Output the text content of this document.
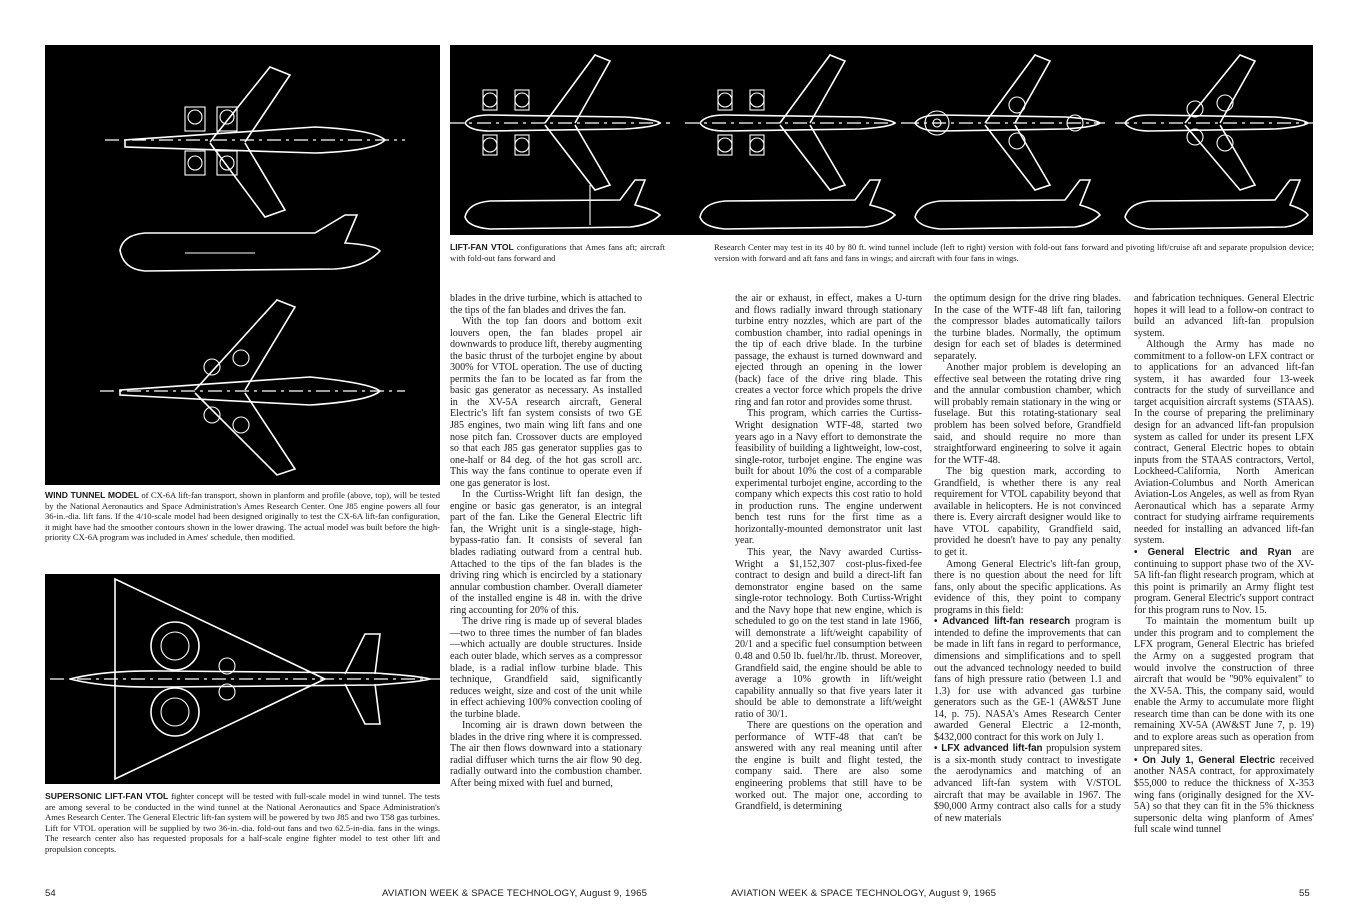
WIND TUNNEL MODEL of CX-6A lift-fan transport, shown in planform and profile (above, top), will be tested by the National Aeronautics and Space Administration's Ames Research Center. One J85 engine powers all four 36-in.-dia. lift fans. If the 4/10-scale model had been designed originally to test the CX-6A lift-fan configuration, it might have had the smoother contours shown in the lower drawing. The actual model was built before the high-priority CX-6A program was included in Ames' schedule, then modified.
SUPERSONIC LIFT-FAN VTOL fighter concept will be tested with full-scale model in wind tunnel. The tests are among several to be conducted in the wind tunnel at the National Aeronautics and Space Administration's Ames Research Center. The General Electric lift-fan system will be powered by two J85 and two T58 gas turbines. Lift for VTOL operation will be supplied by two 36-in.-dia. fold-out fans and two 62.5-in-dia. fans in the wings. The research center also has requested proposals for a half-scale engine fighter model to test other lift and propulsion concepts.
LIFT-FAN VTOL configurations that Ames fans aft; aircraft with fold-out fans forward and
Research Center may test in its 40 by 80 ft. wind tunnel include (left to right) version with fold-out fans forward and pivoting lift/cruise aft and separate propulsion device; version with forward and aft fans and fans in wings; and aircraft with four fans in wings.

blades in the drive turbine, which is attached to the tips of the fan blades and drives the fan.

With the top fan doors and bottom exit louvers open, the fan blades propel air downwards to produce lift, thereby augmenting the basic thrust of the turbojet engine by about 300% for VTOL operation. The use of ducting permits the fan to be located as far from the basic gas generator as necessary. As installed in the XV-5A research aircraft, General Electric's lift fan system consists of two GE J85 engines, two main wing lift fans and one nose pitch fan. Crossover ducts are employed so that each J85 gas generator supplies gas to one-half or 84 deg. of the hot gas scroll arc. This way the fans continue to operate even if one gas generator is lost.

In the Curtiss-Wright lift fan design, the engine or basic gas generator, is an integral part of the fan. Like the General Electric lift fan, the Wright unit is a single-stage, high-bypass-ratio fan. It consists of several fan blades radiating outward from a central hub. Attached to the tips of the fan blades is the driving ring which is encircled by a stationary annular combustion chamber. Overall diameter of the installed engine is 48 in. with the drive ring accounting for 20% of this.

The drive ring is made up of several blades—two to three times the number of fan blades—which actually are double structures. Inside each outer blade, which serves as a compressor blade, is a radial inflow turbine blade. This technique, Grandfield said, significantly reduces weight, size and cost of the unit while in effect achieving 100% convection cooling of the turbine blade.

Incoming air is drawn down between the blades in the drive ring where it is compressed. The air then flows downward into a stationary radial diffuser which turns the air flow 90 deg. radially outward into the combustion chamber. After being mixed with fuel and burned,

the air or exhaust, in effect, makes a U-turn and flows radially inward through stationary turbine entry nozzles, which are part of the combustion chamber, into radial openings in the tip of each drive blade. In the turbine passage, the exhaust is turned downward and ejected through an opening in the lower (back) face of the drive ring blade. This creates a vector force which propels the drive ring and fan rotor and provides some thrust.

This program, which carries the Curtiss-Wright designation WTF-48, started two years ago in a Navy effort to demonstrate the feasibility of building a lightweight, low-cost, single-rotor, turbojet engine. The engine was built for about 10% the cost of a comparable experimental turbojet engine, according to the company which expects this cost ratio to hold in production runs. The engine underwent bench test runs for the first time as a horizontally-mounted demonstrator unit last year.

This year, the Navy awarded Curtiss-Wright a $1,152,307 cost-plus-fixed-fee contract to design and build a direct-lift fan demonstrator engine based on the same single-rotor technology. Both Curtiss-Wright and the Navy hope that new engine, which is scheduled to go on the test stand in late 1966, will demonstrate a lift/weight capability of 20/1 and a specific fuel consumption between 0.48 and 0.50 lb. fuel/hr./lb. thrust. Moreover, Grandfield said, the engine should be able to average a 10% growth in lift/weight capability annually so that five years later it should be able to demonstrate a lift/weight ratio of 30/1.

There are questions on the operation and performance of WTF-48 that can't be answered with any real meaning until after the engine is built and flight tested, the company said. There are also some engineering problems that still have to be worked out. The major one, according to Grandfield, is determining

the optimum design for the drive ring blades. In the case of the WTF-48 lift fan, tailoring the compressor blades automatically tailors the turbine blades. Normally, the optimum design for each set of blades is determined separately.

Another major problem is developing an effective seal between the rotating drive ring and the annular combustion chamber, which will probably remain stationary in the wing or fuselage. But this rotating-stationary seal problem has been solved before, Grandfield said, and should require no more than straightforward engineering to solve it again for the WTF-48.

The big question mark, according to Grandfield, is whether there is any real requirement for VTOL capability beyond that available in helicopters. He is not convinced there is. Every aircraft designer would like to have VTOL capability, Grandfield said, provided he doesn't have to pay any penalty to get it.

Among General Electric's lift-fan group, there is no question about the need for lift fans, only about the specific applications. As evidence of this, they point to company programs in this field:

• Advanced lift-fan research program is intended to define the improvements that can be made in lift fans in regard to performance, dimensions and simplifications and to spell out the advanced technology needed to build fans of high pressure ratio (between 1.1 and 1.3) for use with advanced gas turbine generators such as the GE-1 (AW&ST June 14, p. 75). NASA's Ames Research Center awarded General Electric a 12-month, $432,000 contract for this work on July 1.

• LFX advanced lift-fan propulsion system is a six-month study contract to investigate the aerodynamics and matching of an advanced lift-fan system with V/STOL aircraft that may be available in 1967. The $90,000 Army contract also calls for a study of new materials

and fabrication techniques. General Electric hopes it will lead to a follow-on contract to build an advanced lift-fan propulsion system.

Although the Army has made no commitment to a follow-on LFX contract or to applications for an advanced lift-fan system, it has awarded four 13-week contracts for the study of surveillance and target acquisition aircraft systems (STAAS). In the course of preparing the preliminary design for an advanced lift-fan propulsion system as called for under its present LFX contract, General Electric hopes to obtain inputs from the STAAS contractors, Vertol, Lockheed-California, North American Aviation-Columbus and North American Aviation-Los Angeles, as well as from Ryan Aeronautical which has a separate Army contract for studying airframe requirements needed for installing an advanced lift-fan system.

• General Electric and Ryan are continuing to support phase two of the XV-5A lift-fan flight research program, which at this point is primarily an Army flight test program. General Electric's support contract for this program runs to Nov. 15.

To maintain the momentum built up under this program and to complement the LFX program, General Electric has briefed the Army on a suggested program that would involve the construction of three aircraft that would be "90% equivalent" to the XV-5A. This, the company said, would enable the Army to accumulate more flight research time than can be done with its one remaining XV-5A (AW&ST June 7, p. 19) and to explore areas such as operation from unprepared sites.

• On July 1, General Electric received another NASA contract, for approximately $55,000 to reduce the thickness of X-353 wing fans (originally designed for the XV-5A) so that they can fit in the 5% thickness supersonic delta wing planform of Ames' full scale wind tunnel

54	AVIATION WEEK & SPACE TECHNOLOGY, August 9, 1965	AVIATION WEEK & SPACE TECHNOLOGY, August 9, 1965	55
